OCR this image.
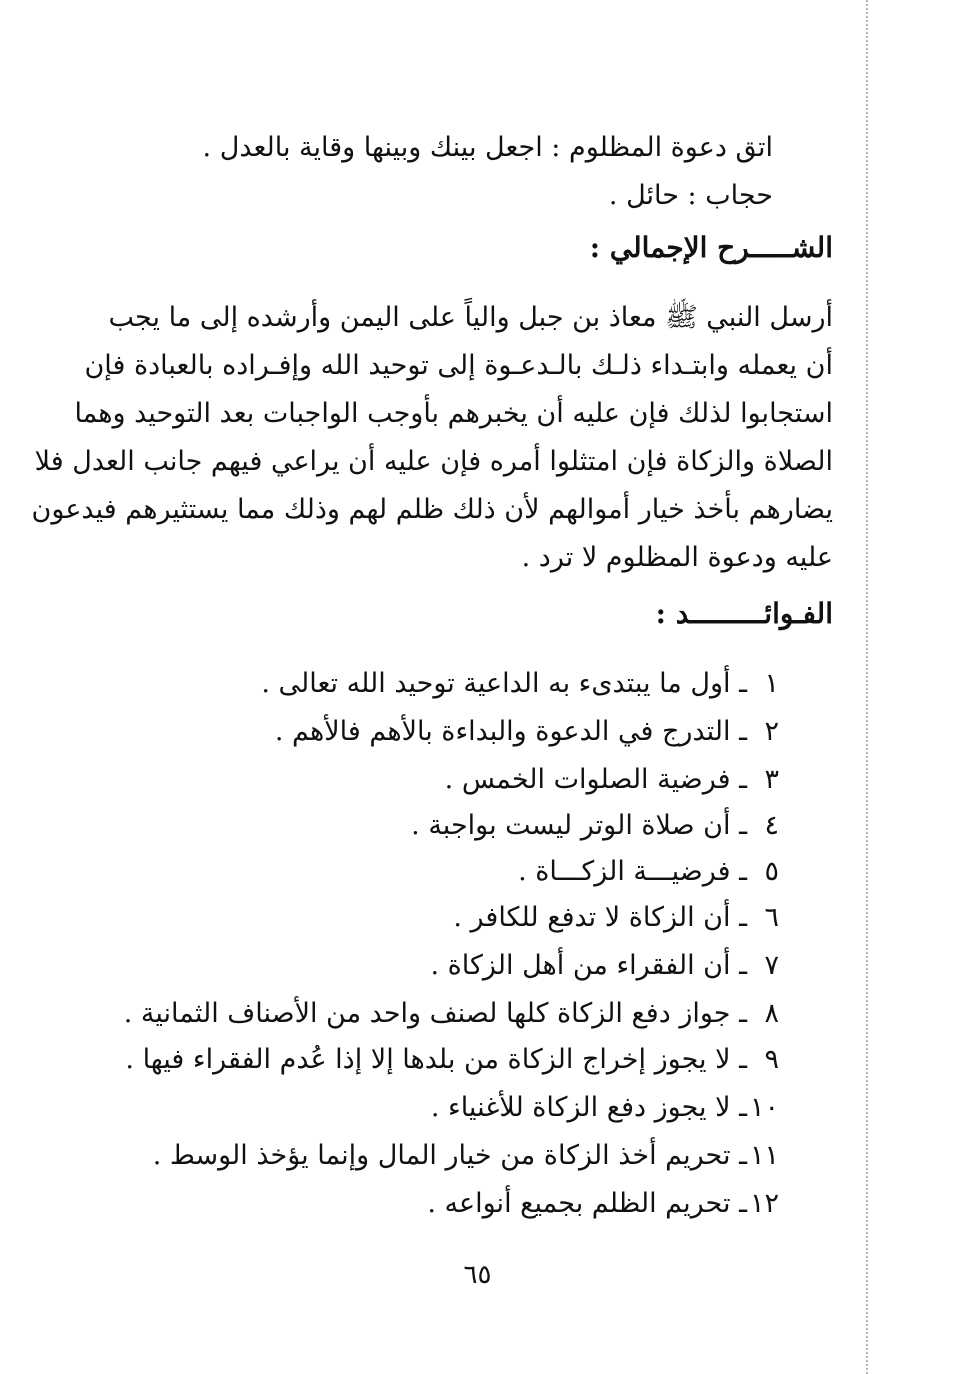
اتق دعوة المظلوم : اجعل بينك وبينها وقاية بالعدل .
حجاب : حائل .
الشـــــرح الإجمالي :
أرسل النبي ﷺ معاذ بن جبل والياً على اليمن وأرشده إلى ما يجب
أن يعمله وابتـداء ذلـك بالـدعـوة إلى توحيد الله وإفـراده بالعبادة فإن
استجابوا لذلك فإن عليه أن يخبرهم بأوجب الواجبات بعد التوحيد وهما
الصلاة والزكاة فإن امتثلوا أمره فإن عليه أن يراعي فيهم جانب العدل فلا
يضارهم بأخذ خيار أموالهم لأن ذلك ظلم لهم وذلك مما يستثيرهم فيدعون
عليه ودعوة المظلوم لا ترد .
الفـوائـــــــــد :
١
ـ أول ما يبتدىء به الداعية توحيد الله تعالى .
٢
ـ التدرج في الدعوة والبداءة بالأهم فالأهم .
٣
ـ فرضية الصلوات الخمس .
٤
ـ أن صلاة الوتر ليست بواجبة .
٥
ـ فرضيـــة الزكـــاة .
٦
ـ أن الزكاة لا تدفع للكافر .
٧
ـ أن الفقراء من أهل الزكاة .
٨
ـ جواز دفع الزكاة كلها لصنف واحد من الأصناف الثمانية .
٩
ـ لا يجوز إخراج الزكاة من بلدها إلا إذا عُدم الفقراء فيها .
١٠
ـ لا يجوز دفع الزكاة للأغنياء .
١١
ـ تحريم أخذ الزكاة من خيار المال وإنما يؤخذ الوسط .
١٢
ـ تحريم الظلم بجميع أنواعه .
٦٥
